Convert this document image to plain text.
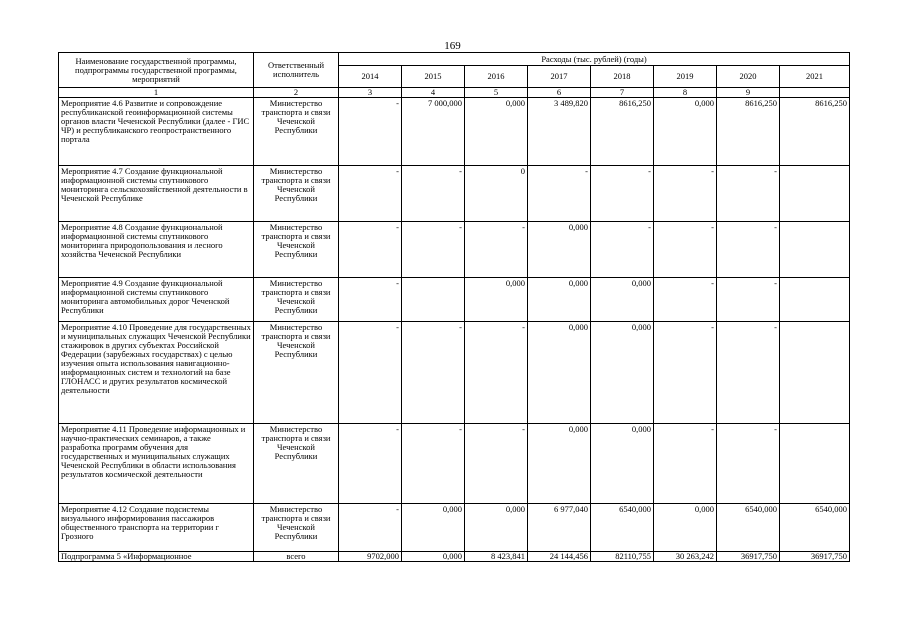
169
Наименование государственной программы, подпрограммы государственной программы, мероприятий	Ответственный исполнитель	Расходы (тыс. рублей) (годы)							
		2014	2015	2016	2017	2018	2019	2020	2021
1	2	3	4	5	6	7	8	9	
Мероприятие 4.6 Развитие и сопровождение республиканской геоинформационной системы органов власти Чеченской Республики (далее - ГИС ЧР) и республиканского геопространственного портала	Министерство транспорта и связи Чеченской Республики	-	7 000,000	0,000	3 489,820	8616,250	0,000	8616,250	8616,250
Мероприятие 4.7 Создание функциональной информационной системы спутникового мониторинга сельскохозяйственной деятельности в Чеченской Республике	Министерство транспорта и связи Чеченской Республики	-	-	0	-	-	-	-	
Мероприятие 4.8 Создание функциональной информационной системы спутникового мониторинга природопользования и лесного хозяйства Чеченской Республики	Министерство транспорта и связи Чеченской Республики	-	-	-	0,000	-	-	-	
Мероприятие 4.9 Создание функциональной информационной системы спутникового мониторинга автомобильных дорог Чеченской Республики	Министерство транспорта и связи Чеченской Республики	-		0,000	0,000	0,000	-	-	
Мероприятие 4.10 Проведение для государственных и муниципальных служащих Чеченской Республики стажировок в других субъектах Российской Федерации (зарубежных государствах) с целью изучения опыта использования навигационно-информационных систем и технологий на базе ГЛОНАСС и других результатов космической деятельности	Министерство транспорта и связи Чеченской Республики	-	-	-	0,000	0,000	-	-	
Мероприятие 4.11 Проведение информационных и научно-практических семинаров, а также разработка программ обучения для государственных и муниципальных служащих Чеченской Республики в области использования результатов космической деятельности	Министерство транспорта и связи Чеченской Республики	-	-	-	0,000	0,000	-	-	
Мероприятие 4.12 Создание подсистемы визуального информирования пассажиров общественного транспорта на территории г Грозного	Министерство транспорта и связи Чеченской Республики	-	0,000	0,000	6 977,040	6540,000	0,000	6540,000	6540,000
Подпрограмма 5 «Информационное	всего	9702,000	0,000	8 423,841	24 144,456	82110,755	30 263,242	36917,750	36917,750
